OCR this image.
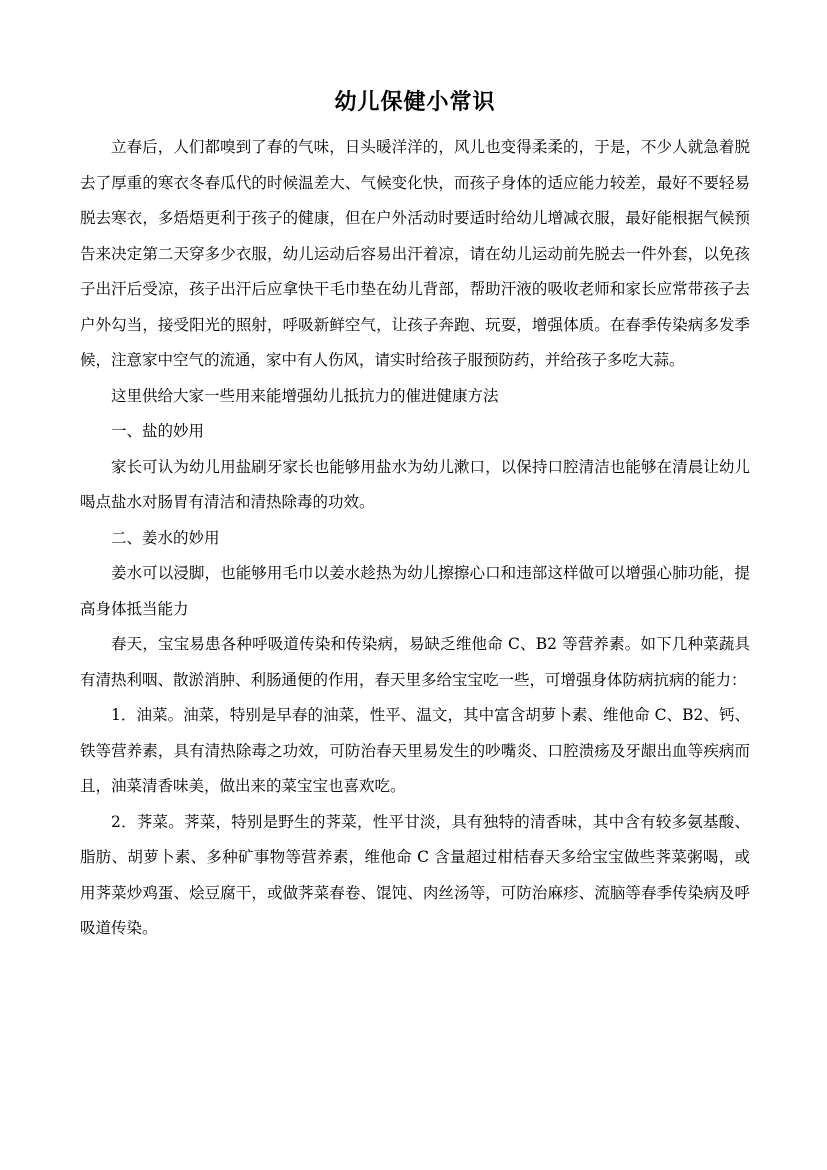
幼儿保健小常识

立春后，人们都嗅到了春的气味，日头暖洋洋的，风儿也变得柔柔的，于是，不少人就急着脱去了厚重的寒衣冬春瓜代的时候温差大、气候变化快，而孩子身体的适应能力较差，最好不要轻易脱去寒衣，多焐焐更利于孩子的健康，但在户外活动时要适时给幼儿增减衣服，最好能根据气候预告来决定第二天穿多少衣服，幼儿运动后容易出汗着凉，请在幼儿运动前先脱去一件外套，以免孩子出汗后受凉，孩子出汗后应拿快干毛巾垫在幼儿背部，帮助汗液的吸收老师和家长应常带孩子去户外勾当，接受阳光的照射，呼吸新鲜空气，让孩子奔跑、玩耍，增强体质。在春季传染病多发季候，注意家中空气的流通，家中有人伤风，请实时给孩子服预防药，并给孩子多吃大蒜。

这里供给大家一些用来能增强幼儿抵抗力的催进健康方法

一、盐的妙用

家长可认为幼儿用盐刷牙家长也能够用盐水为幼儿漱口，以保持口腔清洁也能够在清晨让幼儿喝点盐水对肠胃有清洁和清热除毒的功效。

二、姜水的妙用

姜水可以浸脚，也能够用毛巾以姜水趁热为幼儿擦擦心口和违部这样做可以增强心肺功能，提高身体抵当能力

春天，宝宝易患各种呼吸道传染和传染病，易缺乏维他命 C、B2 等营养素。如下几种菜蔬具有清热利咽、散淤消肿、利肠通便的作用，春天里多给宝宝吃一些，可增强身体防病抗病的能力：

1．油菜。油菜，特别是早春的油菜，性平、温文，其中富含胡萝卜素、维他命 C、B2、钙、铁等营养素，具有清热除毒之功效，可防治春天里易发生的吵嘴炎、口腔溃疡及牙龈出血等疾病而且，油菜清香味美，做出来的菜宝宝也喜欢吃。

2．荠菜。荠菜，特别是野生的荠菜，性平甘淡，具有独特的清香味，其中含有较多氨基酸、脂肪、胡萝卜素、多种矿事物等营养素，维他命 C 含量超过柑桔春天多给宝宝做些荠菜粥喝，或用荠菜炒鸡蛋、烩豆腐干，或做荠菜春卷、馄饨、肉丝汤等，可防治麻疹、流脑等春季传染病及呼吸道传染。
